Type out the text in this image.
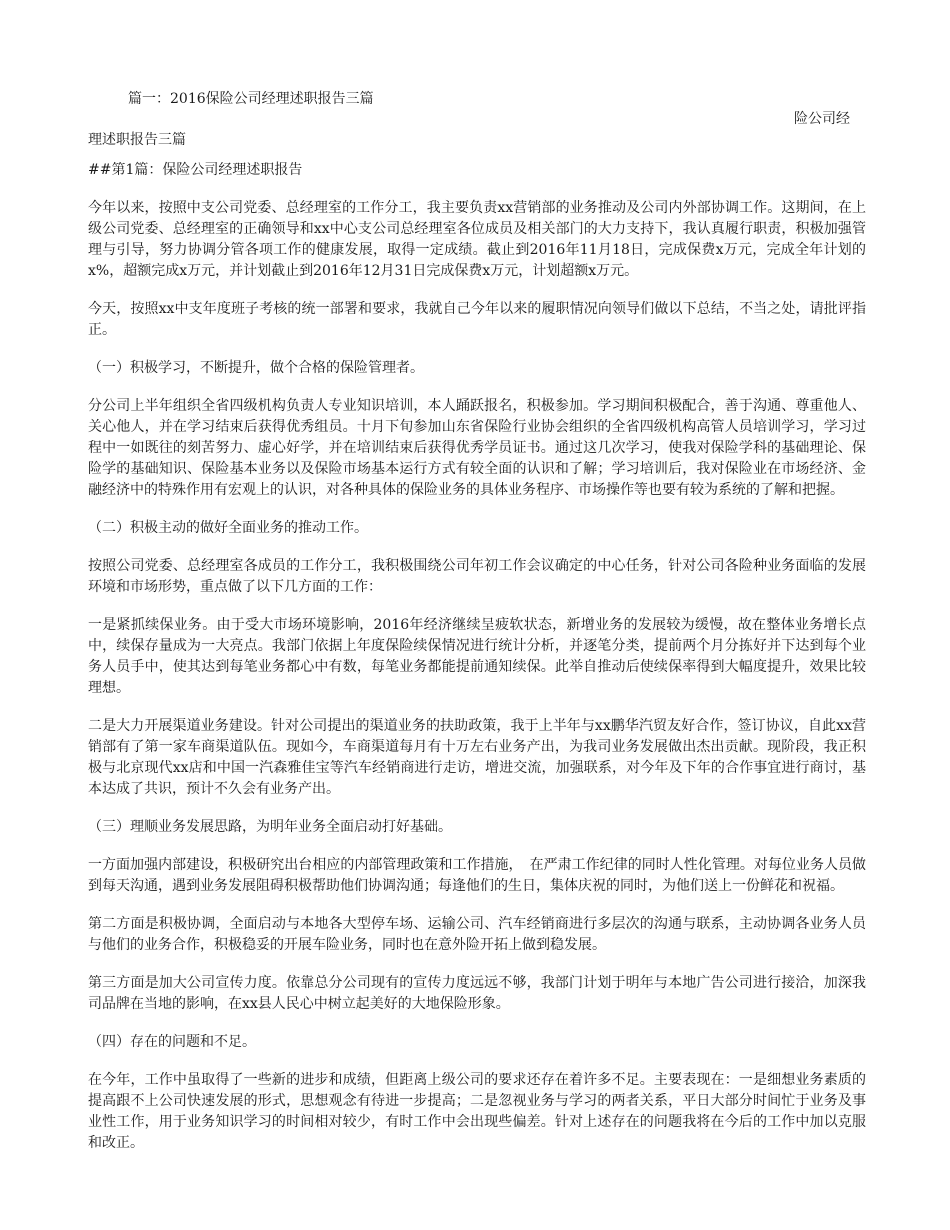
篇一：2016保险公司经理述职报告三篇
险公司经
理述职报告三篇

##第1篇：保险公司经理述职报告

今年以来，按照中支公司党委、总经理室的工作分工，我主要负责xx营销部的业务推动及公司内外部协调工作。这期间，在上级公司党委、总经理室的正确领导和xx中心支公司总经理室各位成员及相关部门的大力支持下，我认真履行职责，积极加强管理与引导，努力协调分管各项工作的健康发展，取得一定成绩。截止到2016年11月18日，完成保费x万元，完成全年计划的x%，超额完成x万元，并计划截止到2016年12月31日完成保费x万元，计划超额x万元。

今天，按照xx中支年度班子考核的统一部署和要求，我就自己今年以来的履职情况向领导们做以下总结，不当之处，请批评指正。

（一）积极学习，不断提升，做个合格的保险管理者。

分公司上半年组织全省四级机构负责人专业知识培训，本人踊跃报名，积极参加。学习期间积极配合，善于沟通、尊重他人、关心他人，并在学习结束后获得优秀组员。十月下旬参加山东省保险行业协会组织的全省四级机构高管人员培训学习，学习过程中一如既往的刻苦努力、虚心好学，并在培训结束后获得优秀学员证书。通过这几次学习，使我对保险学科的基础理论、保险学的基础知识、保险基本业务以及保险市场基本运行方式有较全面的认识和了解；学习培训后，我对保险业在市场经济、金融经济中的特殊作用有宏观上的认识，对各种具体的保险业务的具体业务程序、市场操作等也要有较为系统的了解和把握。

（二）积极主动的做好全面业务的推动工作。

按照公司党委、总经理室各成员的工作分工，我积极围绕公司年初工作会议确定的中心任务，针对公司各险种业务面临的发展环境和市场形势，重点做了以下几方面的工作：

一是紧抓续保业务。由于受大市场环境影响，2016年经济继续呈疲软状态，新增业务的发展较为缓慢，故在整体业务增长点中，续保存量成为一大亮点。我部门依据上年度保险续保情况进行统计分析，并逐笔分类，提前两个月分拣好并下达到每个业务人员手中，使其达到每笔业务都心中有数，每笔业务都能提前通知续保。此举自推动后使续保率得到大幅度提升，效果比较理想。

二是大力开展渠道业务建设。针对公司提出的渠道业务的扶助政策，我于上半年与xx鹏华汽贸友好合作，签订协议，自此xx营销部有了第一家车商渠道队伍。现如今，车商渠道每月有十万左右业务产出，为我司业务发展做出杰出贡献。现阶段，我正积极与北京现代xx店和中国一汽森雅佳宝等汽车经销商进行走访，增进交流，加强联系，对今年及下年的合作事宜进行商讨，基本达成了共识，预计不久会有业务产出。

（三）理顺业务发展思路，为明年业务全面启动打好基础。

一方面加强内部建设，积极研究出台相应的内部管理政策和工作措施，　在严肃工作纪律的同时人性化管理。对每位业务人员做到每天沟通，遇到业务发展阻碍积极帮助他们协调沟通；每逢他们的生日，集体庆祝的同时，为他们送上一份鲜花和祝福。

第二方面是积极协调，全面启动与本地各大型停车场、运输公司、汽车经销商进行多层次的沟通与联系，主动协调各业务人员与他们的业务合作，积极稳妥的开展车险业务，同时也在意外险开拓上做到稳发展。

第三方面是加大公司宣传力度。依靠总分公司现有的宣传力度远远不够，我部门计划于明年与本地广告公司进行接洽，加深我司品牌在当地的影响，在xx县人民心中树立起美好的大地保险形象。

（四）存在的问题和不足。

在今年，工作中虽取得了一些新的进步和成绩，但距离上级公司的要求还存在着许多不足。主要表现在：一是细想业务素质的提高跟不上公司快速发展的形式，思想观念有待进一步提高；二是忽视业务与学习的两者关系，平日大部分时间忙于业务及事业性工作，用于业务知识学习的时间相对较少，有时工作中会出现些偏差。针对上述存在的问题我将在今后的工作中加以克服和改正。
